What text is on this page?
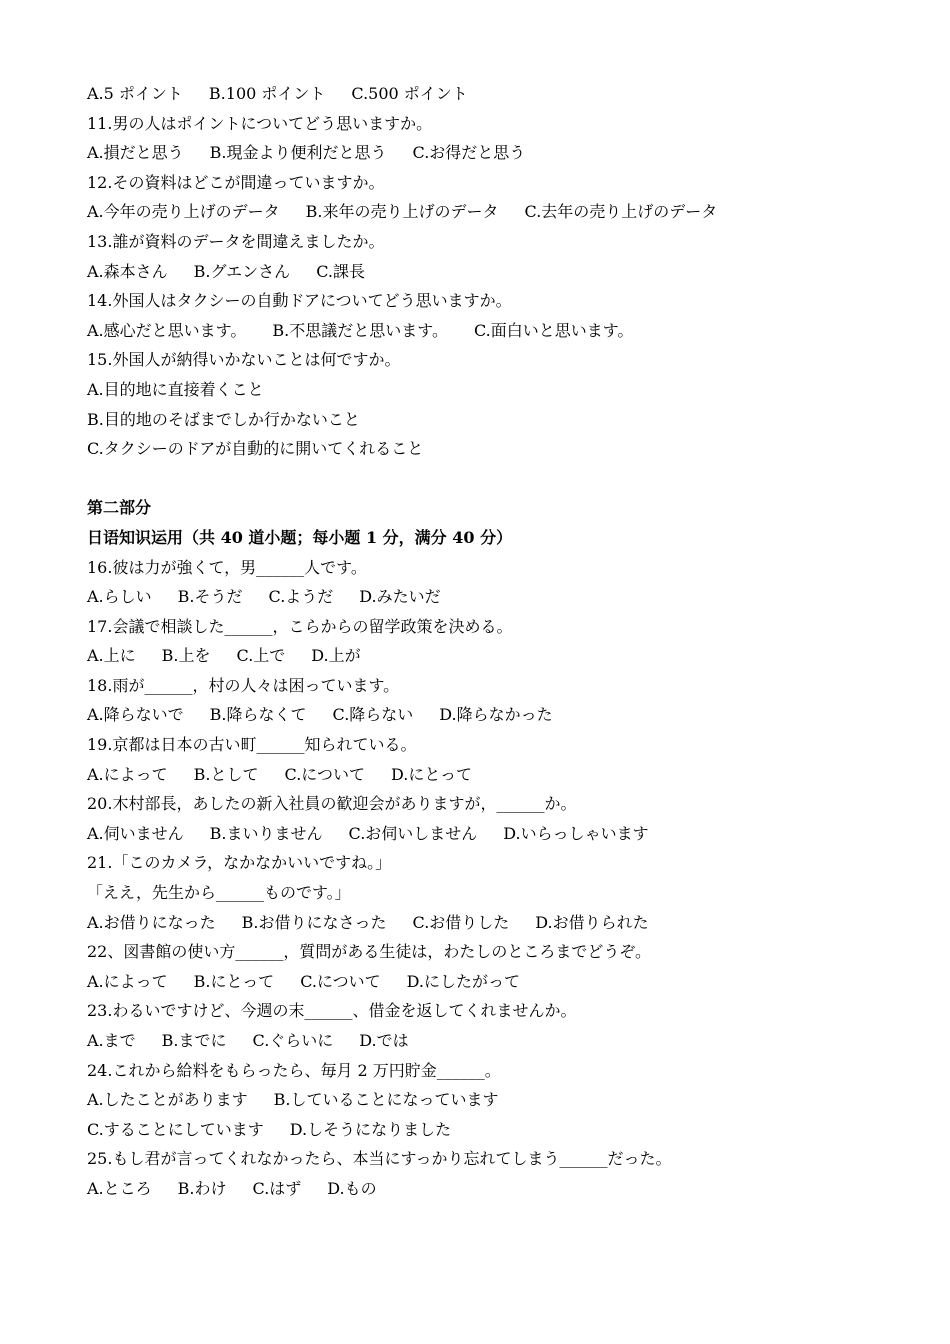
A.5 ポイント B.100 ポイント C.500 ポイント
11.男の人はポイントについてどう思いますか。
A.損だと思う B.現金より便利だと思う C.お得だと思う
12.その資料はどこが間違っていますか。
A.今年の売り上げのデータ B.来年の売り上げのデータ C.去年の売り上げのデータ
13.誰が資料のデータを間違えましたか。
A.森本さん B.グエンさん C.課長
14.外国人はタクシーの自動ドアについてどう思いますか。
A.感心だと思います。 B.不思議だと思います。 C.面白いと思います。
15.外国人が納得いかないことは何ですか。
A.目的地に直接着くこと
B.目的地のそばまでしか行かないこと
C.タクシーのドアが自動的に開いてくれること
第二部分
日语知识运用（共 40 道小题；每小题 1 分，满分 40 分）
16.彼は力が強くて，男______人です。
A.らしい B.そうだ C.ようだ D.みたいだ
17.会議で相談した______，こらからの留学政策を決める。
A.上に B.上を C.上で D.上が
18.雨が______，村の人々は困っています。
A.降らないで B.降らなくて C.降らない D.降らなかった
19.京都は日本の古い町______知られている。
A.によって B.として C.について D.にとって
20.木村部長，あしたの新入社員の歓迎会がありますが，______か。
A.伺いません B.まいりません C.お伺いしません D.いらっしゃいます
21.「このカメラ，なかなかいいですね。」
「ええ，先生から______ものです。」
A.お借りになった B.お借りになさった C.お借りした D.お借りられた
22、図書館の使い方______，質問がある生徒は，わたしのところまでどうぞ。
A.によって B.にとって C.について D.にしたがって
23.わるいですけど、今週の末______、借金を返してくれませんか。
A.まで B.までに C.ぐらいに D.では
24.これから給料をもらったら、毎月 2 万円貯金______。
A.したことがあります B.していることになっています
C.することにしています D.しそうになりました
25.もし君が言ってくれなかったら、本当にすっかり忘れてしまう______だった。
A.ところ B.わけ C.はず D.もの
